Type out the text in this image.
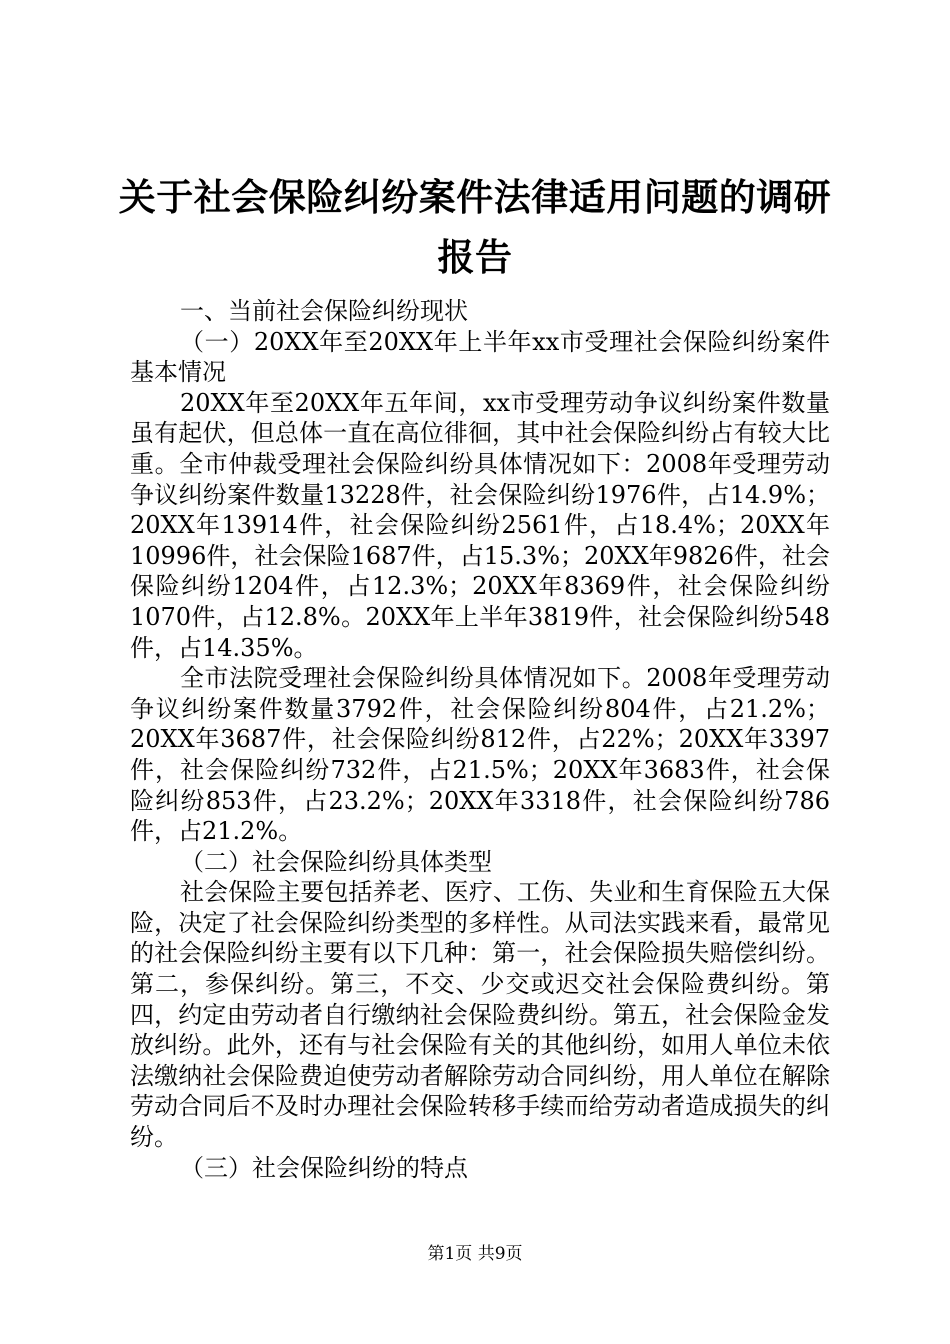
关于社会保险纠纷案件法律适用问题的调研报告

一、当前社会保险纠纷现状

（一）20XX年至20XX年上半年xx市受理社会保险纠纷案件基本情况

20XX年至20XX年五年间，xx市受理劳动争议纠纷案件数量虽有起伏，但总体一直在高位徘徊，其中社会保险纠纷占有较大比重。全市仲裁受理社会保险纠纷具体情况如下：2008年受理劳动争议纠纷案件数量13228件，社会保险纠纷1976件，占14.9%；20XX年13914件，社会保险纠纷2561件，占18.4%；20XX年10996件，社会保险1687件，占15.3%；20XX年9826件，社会保险纠纷1204件，占12.3%；20XX年8369件，社会保险纠纷1070件，占12.8%。20XX年上半年3819件，社会保险纠纷548件，占14.35%。

全市法院受理社会保险纠纷具体情况如下。2008年受理劳动争议纠纷案件数量3792件，社会保险纠纷804件，占21.2%；20XX年3687件，社会保险纠纷812件，占22%；20XX年3397件，社会保险纠纷732件，占21.5%；20XX年3683件，社会保险纠纷853件，占23.2%；20XX年3318件，社会保险纠纷786件，占21.2%。

（二）社会保险纠纷具体类型

社会保险主要包括养老、医疗、工伤、失业和生育保险五大保险，决定了社会保险纠纷类型的多样性。从司法实践来看，最常见的社会保险纠纷主要有以下几种：第一，社会保险损失赔偿纠纷。第二，参保纠纷。第三，不交、少交或迟交社会保险费纠纷。第四，约定由劳动者自行缴纳社会保险费纠纷。第五，社会保险金发放纠纷。此外，还有与社会保险有关的其他纠纷，如用人单位未依法缴纳社会保险费迫使劳动者解除劳动合同纠纷，用人单位在解除劳动合同后不及时办理社会保险转移手续而给劳动者造成损失的纠纷。

（三）社会保险纠纷的特点

第1页 共9页
